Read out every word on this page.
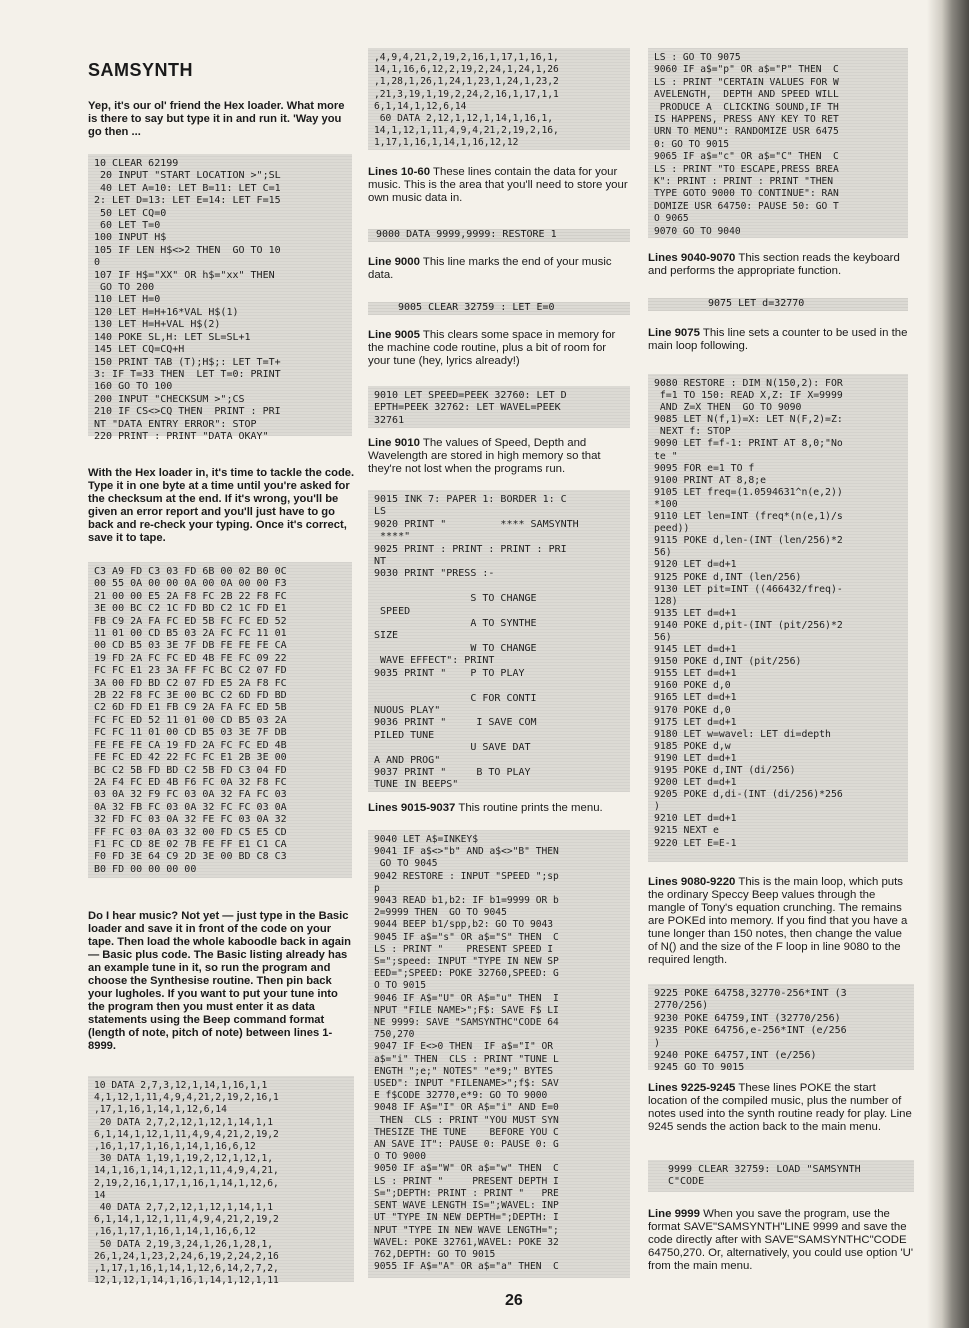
SAMSYNTH

Yep, it's our ol' friend the Hex loader. What more is there to say but type it in and run it. 'Way you go then ...

10 CLEAR 62199
20 INPUT "START LOCATION >";SL
40 LET A=10: LET B=11: LET C=1
2: LET D=13: LET E=14: LET F=15
50 LET CQ=0
60 LET T=0
100 INPUT H$
105 IF LEN H$<>2 THEN  GO TO 10
0
107 IF H$="XX" OR h$="xx" THEN
GO TO 200
110 LET H=0
120 LET H=H+16*VAL H$(1)
130 LET H=H+VAL H$(2)
140 POKE SL,H: LET SL=SL+1
145 LET CQ=CQ+H
150 PRINT TAB (T);H$;: LET T=T+
3: IF T=33 THEN  LET T=0: PRINT
160 GO TO 100
200 INPUT "CHECKSUM >";CS
210 IF CS<>CQ THEN  PRINT : PRI
NT "DATA ENTRY ERROR": STOP
220 PRINT : PRINT "DATA OKAY"

With the Hex loader in, it's time to tackle the code. Type it in one byte at a time until you're asked for the checksum at the end. If it's wrong, you'll be given an error report and you'll just have to go back and re-check your typing. Once it's correct, save it to tape.

C3 A9 FD C3 03 FD 6B 00 02 B0 0C
00 55 0A 00 00 0A 00 0A 00 00 F3
21 00 00 E5 2A F8 FC 2B 22 F8 FC
3E 00 BC C2 1C FD BD C2 1C FD E1
FB C9 2A FA FC ED 5B FC FC ED 52
11 01 00 CD B5 03 2A FC FC 11 01
00 CD B5 03 3E 7F DB FE FE FE CA
19 FD 2A FC FC ED 4B FE FC 09 22
FC FC E1 23 3A FF FC BC C2 07 FD
3A 00 FD BD C2 07 FD E5 2A F8 FC
2B 22 F8 FC 3E 00 BC C2 6D FD BD
C2 6D FD E1 FB C9 2A FA FC ED 5B
FC FC ED 52 11 01 00 CD B5 03 2A
FC FC 11 01 00 CD B5 03 3E 7F DB
FE FE FE CA 19 FD 2A FC FC ED 4B
FE FC ED 42 22 FC FC E1 2B 3E 00
BC C2 5B FD BD C2 5B FD C3 04 FD
2A F4 FC ED 4B F6 FC 0A 32 F8 FC
03 0A 32 F9 FC 03 0A 32 FA FC 03
0A 32 FB FC 03 0A 32 FC FC 03 0A
32 FD FC 03 0A 32 FE FC 03 0A 32
FF FC 03 0A 03 32 00 FD C5 E5 CD
F1 FC CD 8E 02 7B FE FF E1 C1 CA
F0 FD 3E 64 C9 2D 3E 00 BD C8 C3
B0 FD 00 00 00 00

Do I hear music? Not yet — just type in the Basic loader and save it in front of the code on your tape. Then load the whole kaboodle back in again — Basic plus code. The Basic listing already has an example tune in it, so run the program and choose the Synthesise routine. Then pin back your lugholes. If you want to put your tune into the program then you must enter it as data statements using the Beep command format (length of note, pitch of note) between lines 1-8999.

10 DATA 2,7,3,12,1,14,1,16,1,1
4,1,12,1,11,4,9,4,21,2,19,2,16,1
,17,1,16,1,14,1,12,6,14
20 DATA 2,7,2,12,1,12,1,14,1,1
6,1,14,1,12,1,11,4,9,4,21,2,19,2
,16,1,17,1,16,1,14,1,16,6,12
30 DATA 1,19,1,19,2,12,1,12,1,
14,1,16,1,14,1,12,1,11,4,9,4,21,
2,19,2,16,1,17,1,16,1,14,1,12,6,
14
40 DATA 2,7,2,12,1,12,1,14,1,1
6,1,14,1,12,1,11,4,9,4,21,2,19,2
,16,1,17,1,16,1,14,1,16,6,12
50 DATA 2,19,3,24,1,26,1,28,1,
26,1,24,1,23,2,24,6,19,2,24,2,16
,1,17,1,16,1,14,1,12,6,14,2,7,2,
12,1,12,1,14,1,16,1,14,1,12,1,11
,4,9,4,21,2,19,2,16,1,17,1,16,1,
14,1,16,6,12,2,19,2,24,1,24,1,26
,1,28,1,26,1,24,1,23,1,24,1,23,2
,21,3,19,1,19,2,24,2,16,1,17,1,1
6,1,14,1,12,6,14
60 DATA 2,12,1,12,1,14,1,16,1,
14,1,12,1,11,4,9,4,21,2,19,2,16,
1,17,1,16,1,14,1,16,12,12

Lines 10-60 These lines contain the data for your music. This is the area that you'll need to store your own music data in.

9000 DATA 9999,9999: RESTORE 1

Line 9000 This line marks the end of your music data.

9005 CLEAR 32759 : LET E=0

Line 9005 This clears some space in memory for the machine code routine, plus a bit of room for your tune (hey, lyrics already!)

9010 LET SPEED=PEEK 32760: LET D
EPTH=PEEK 32762: LET WAVEL=PEEK
32761

Line 9010 The values of Speed, Depth and Wavelength are stored in high memory so that they're not lost when the programs run.

9015 INK 7: PAPER 1: BORDER 1: C
LS
9020 PRINT "         **** SAMSYNTH
****"
9025 PRINT : PRINT : PRINT : PRI
NT
9030 PRINT "PRESS :-

S TO CHANGE
SPEED
A TO SYNTHE
SIZE
W TO CHANGE
WAVE EFFECT": PRINT
9035 PRINT "    P TO PLAY

C FOR CONTI
NUOUS PLAY"
9036 PRINT "     I SAVE COM
PILED TUNE
U SAVE DAT
A AND PROG"
9037 PRINT "     B TO PLAY
TUNE IN BEEPS"

Lines 9015-9037 This routine prints the menu.

9040 LET A$=INKEY$
9041 IF a$<>"b" AND a$<>"B" THEN
GO TO 9045
9042 RESTORE : INPUT "SPEED ";sp
p
9043 READ b1,b2: IF b1=9999 OR b
2=9999 THEN  GO TO 9045
9044 BEEP b1/spp,b2: GO TO 9043
9045 IF a$="s" OR a$="S" THEN  C
LS : PRINT "    PRESENT SPEED I
S=";speed: INPUT "TYPE IN NEW SP
EED=";SPEED: POKE 32760,SPEED: G
O TO 9015
9046 IF A$="U" OR A$="u" THEN  I
NPUT "FILE NAME>";F$: SAVE F$ LI
NE 9999: SAVE "SAMSYNTHC"CODE 64
750,270
9047 IF E<>0 THEN  IF a$="I" OR
a$="i" THEN  CLS : PRINT "TUNE L
ENGTH ";e;" NOTES" "e*9;" BYTES
USED": INPUT "FILENAME>";f$: SAV
E f$CODE 32770,e*9: GO TO 9000
9048 IF A$="I" OR A$="i" AND E=0
THEN  CLS : PRINT "YOU MUST SYN
THESIZE THE TUNE    BEFORE YOU C
AN SAVE IT": PAUSE 0: PAUSE 0: G
O TO 9000
9050 IF a$="W" OR a$="w" THEN  C
LS : PRINT "     PRESENT DEPTH I
S=";DEPTH: PRINT : PRINT "   PRE
SENT WAVE LENGTH IS=";WAVEL: INP
UT "TYPE IN NEW DEPTH=";DEPTH: I
NPUT "TYPE IN NEW WAVE LENGTH=";
WAVEL: POKE 32761,WAVEL: POKE 32
762,DEPTH: GO TO 9015
9055 IF A$="A" OR a$="a" THEN  C
LS : GO TO 9075
9060 IF a$="p" OR a$="P" THEN  C
LS : PRINT "CERTAIN VALUES FOR W
AVELENGTH,  DEPTH AND SPEED WILL
PRODUCE A  CLICKING SOUND,IF TH
IS HAPPENS, PRESS ANY KEY TO RET
URN TO MENU": RANDOMIZE USR 6475
0: GO TO 9015
9065 IF a$="c" OR a$="C" THEN  C
LS : PRINT "TO ESCAPE,PRESS BREA
K": PRINT : PRINT : PRINT "THEN
TYPE GOTO 9000 TO CONTINUE": RAN
DOMIZE USR 64750: PAUSE 50: GO T
O 9065
9070 GO TO 9040

Lines 9040-9070 This section reads the keyboard and performs the appropriate function.

9075 LET d=32770

Line 9075 This line sets a counter to be used in the main loop following.

9080 RESTORE : DIM N(150,2): FOR
f=1 TO 150: READ X,Z: IF X=9999
AND Z=X THEN  GO TO 9090
9085 LET N(f,1)=X: LET N(F,2)=Z:
NEXT f: STOP
9090 LET f=f-1: PRINT AT 8,0;"No
te "
9095 FOR e=1 TO f
9100 PRINT AT 8,8;e
9105 LET freq=(1.0594631^n(e,2))
*100
9110 LET len=INT (freq*(n(e,1)/s
peed))
9115 POKE d,len-(INT (len/256)*2
56)
9120 LET d=d+1
9125 POKE d,INT (len/256)
9130 LET pit=INT ((466432/freq)-
128)
9135 LET d=d+1
9140 POKE d,pit-(INT (pit/256)*2
56)
9145 LET d=d+1
9150 POKE d,INT (pit/256)
9155 LET d=d+1
9160 POKE d,0
9165 LET d=d+1
9170 POKE d,0
9175 LET d=d+1
9180 LET w=wavel: LET di=depth
9185 POKE d,w
9190 LET d=d+1
9195 POKE d,INT (di/256)
9200 LET d=d+1
9205 POKE d,di-(INT (di/256)*256
)
9210 LET d=d+1
9215 NEXT e
9220 LET E=E-1

Lines 9080-9220 This is the main loop, which puts the ordinary Speccy Beep values through the mangle of Tony's equation crunching. The remains are POKEd into memory. If you find that you have a tune longer than 150 notes, then change the value of N() and the size of the F loop in line 9080 to the required length.

9225 POKE 64758,32770-256*INT (3
2770/256)
9230 POKE 64759,INT (32770/256)
9235 POKE 64756,e-256*INT (e/256
)
9240 POKE 64757,INT (e/256)
9245 GO TO 9015

Lines 9225-9245 These lines POKE the start location of the compiled music, plus the number of notes used into the synth routine ready for play. Line 9245 sends the action back to the main menu.

9999 CLEAR 32759: LOAD "SAMSYNTH
C"CODE

Line 9999 When you save the program, use the format SAVE"SAMSYNTH"LINE 9999 and save the code directly after with SAVE"SAMSYNTHC"CODE 64750,270. Or, alternatively, you could use option 'U' from the main menu.

26
